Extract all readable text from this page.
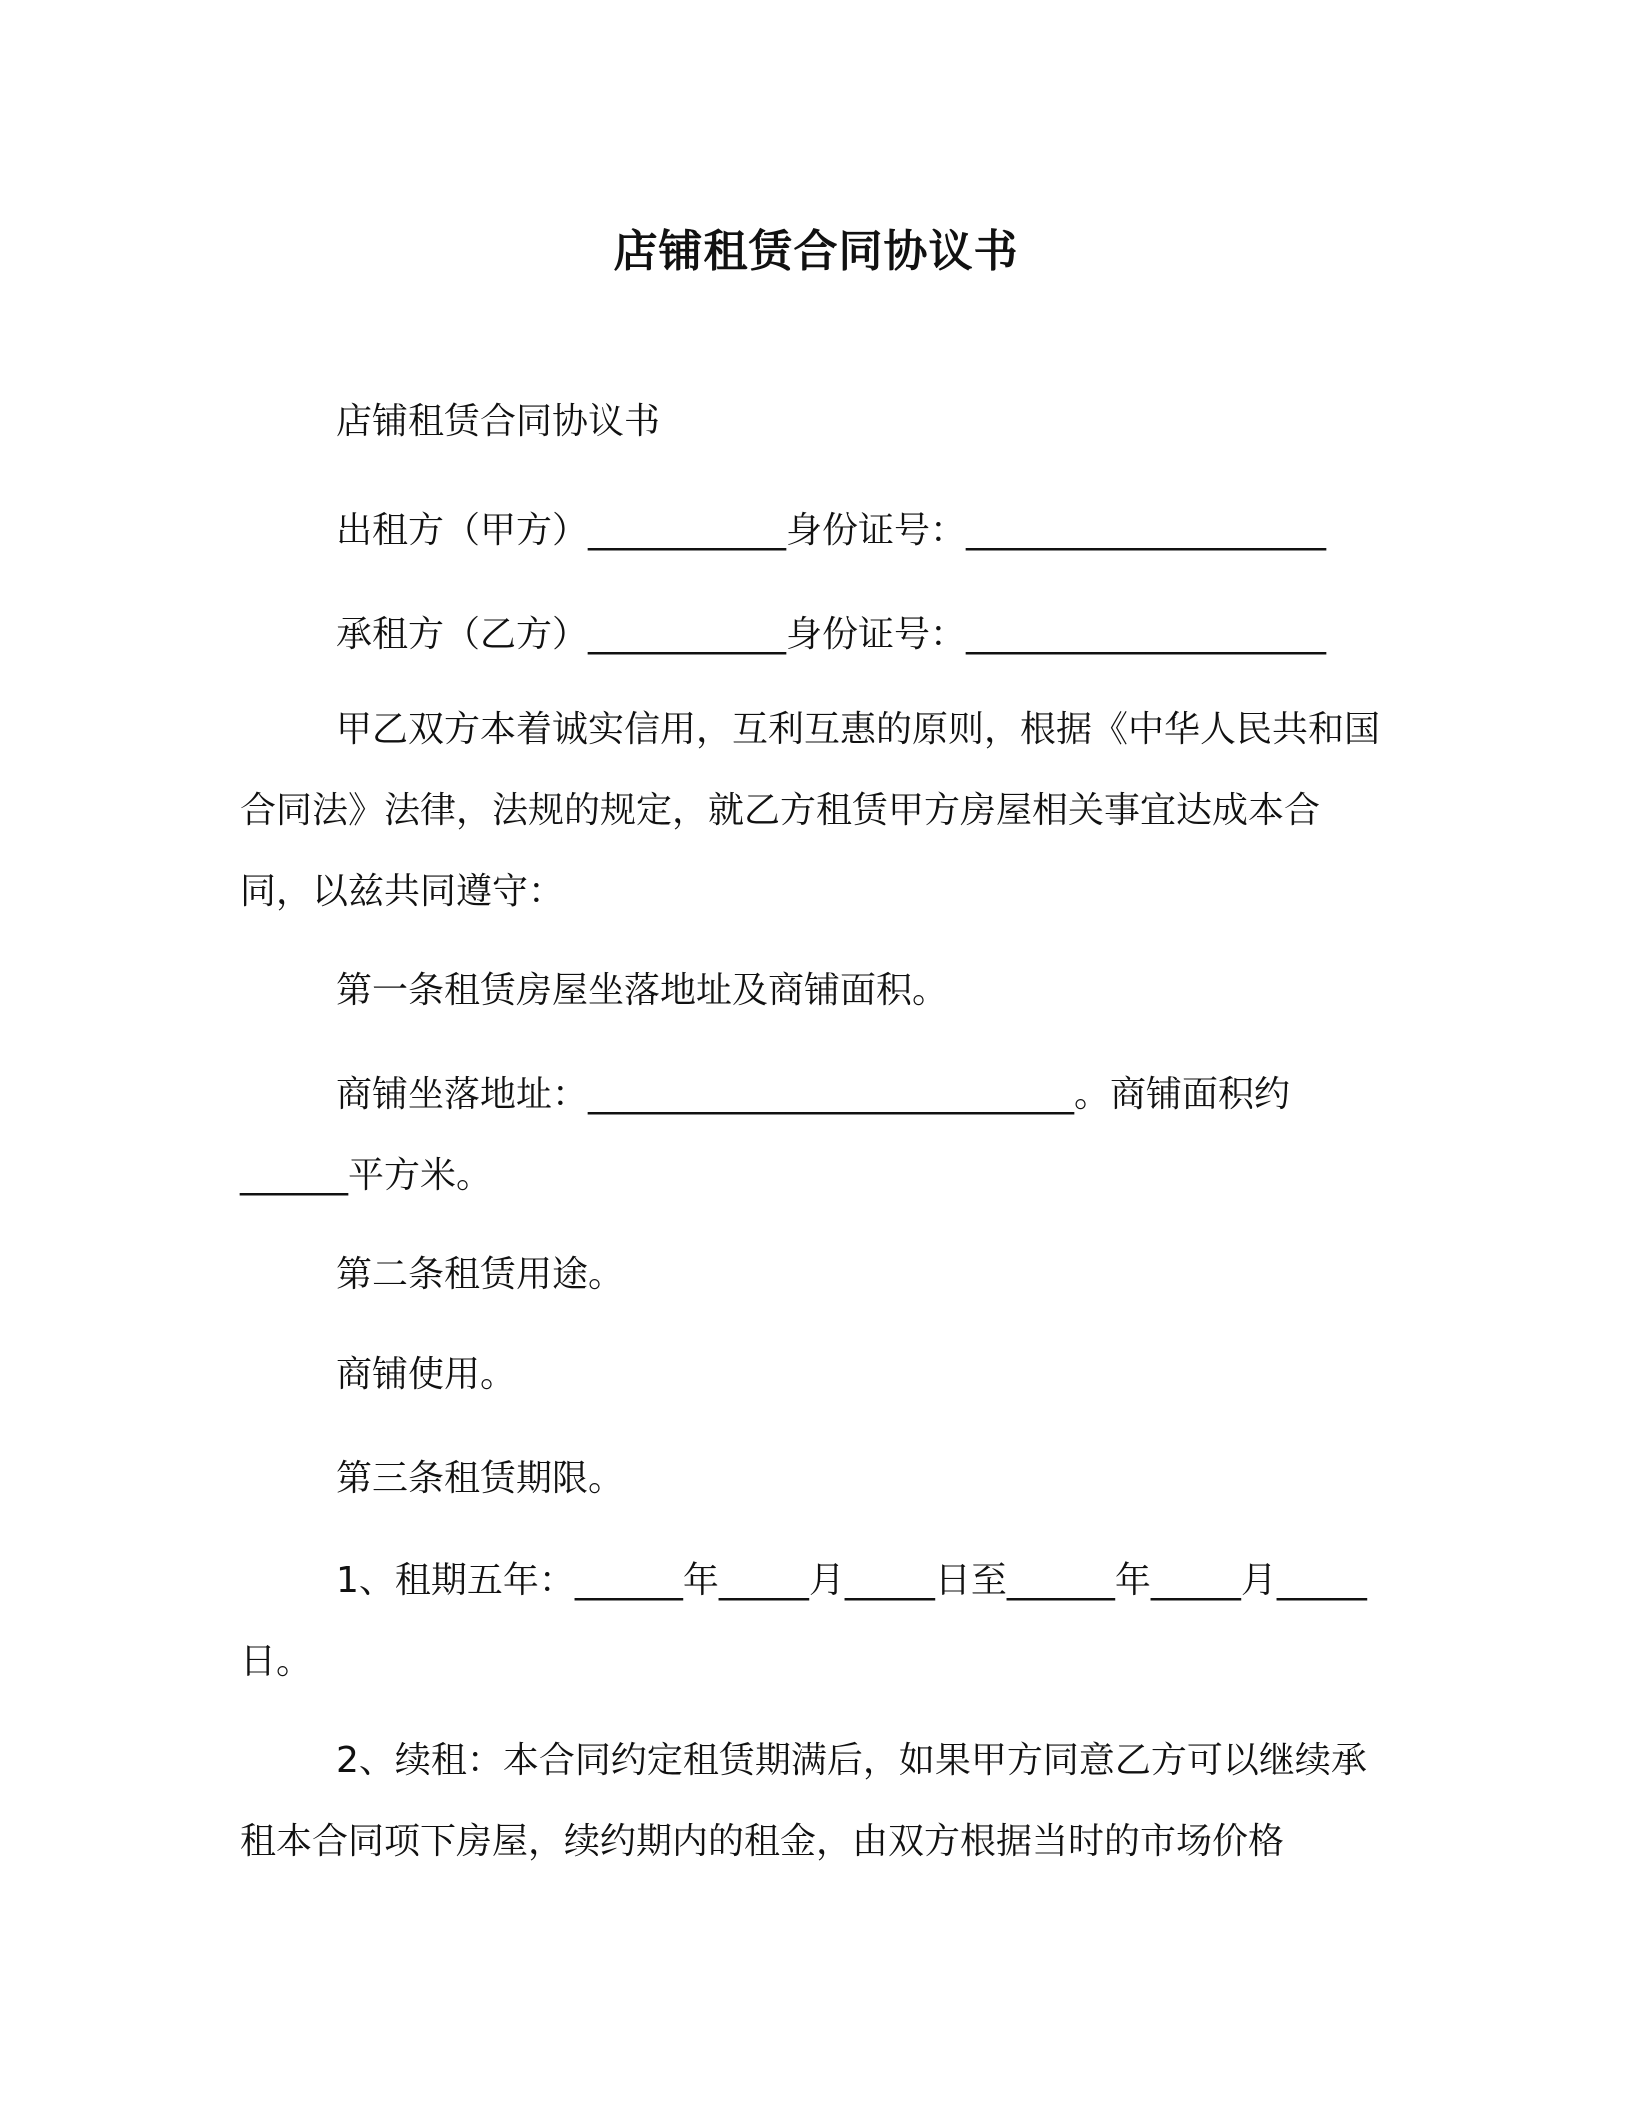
店铺租赁合同协议书
店铺租赁合同协议书
出租方（甲方）___________身份证号：____________________
承租方（乙方）___________身份证号：____________________
甲乙双方本着诚实信用，互利互惠的原则，根据《中华人民共和国合同法》法律，法规的规定，就乙方租赁甲方房屋相关事宜达成本合同，以兹共同遵守：
第一条租赁房屋坐落地址及商铺面积。
商铺坐落地址：___________________________。商铺面积约______平方米。
第二条租赁用途。
商铺使用。
第三条租赁期限。
1、租期五年：______年_____月_____日至______年_____月_____日。
2、续租：本合同约定租赁期满后，如果甲方同意乙方可以继续承租本合同项下房屋，续约期内的租金，由双方根据当时的市场价格
